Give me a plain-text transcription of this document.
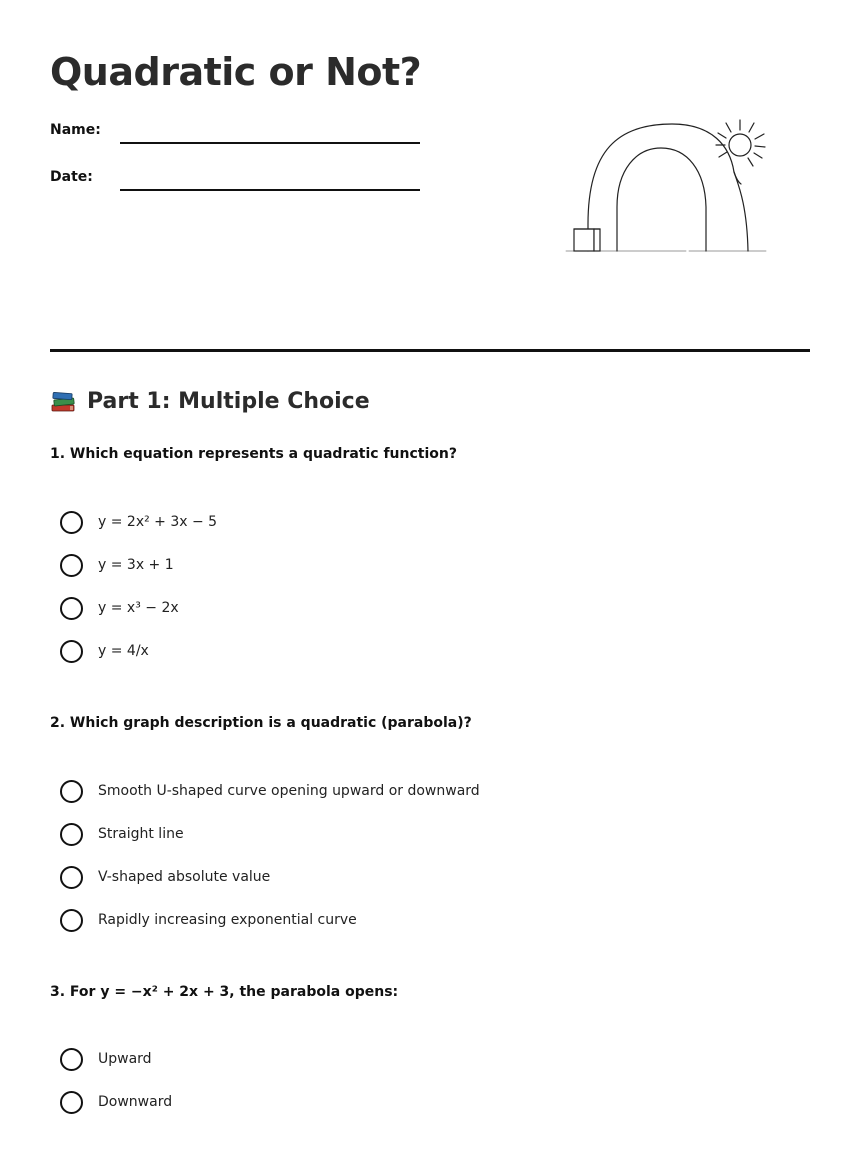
Quadratic or Not?
Name:
Date:
Part 1: Multiple Choice
1. Which equation represents a quadratic function?
y = 2x² + 3x − 5
y = 3x + 1
y = x³ − 2x
y = 4/x
2. Which graph description is a quadratic (parabola)?
Smooth U-shaped curve opening upward or downward
Straight line
V-shaped absolute value
Rapidly increasing exponential curve
3. For y = −x² + 2x + 3, the parabola opens:
Upward
Downward
